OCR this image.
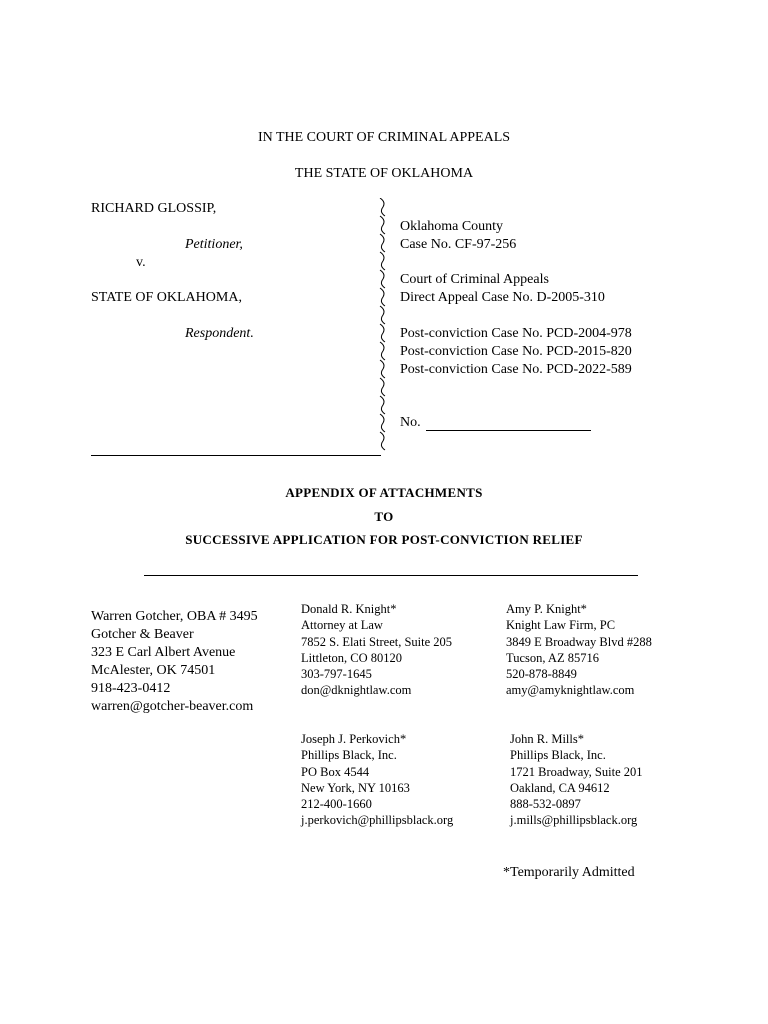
IN THE COURT OF CRIMINAL APPEALS
THE STATE OF OKLAHOMA
RICHARD GLOSSIP,
Petitioner,
v.
STATE OF OKLAHOMA,
Respondent.
Oklahoma County
Case No. CF-97-256
Court of Criminal Appeals
Direct Appeal Case No. D-2005-310
Post-conviction Case No. PCD-2004-978
Post-conviction Case No. PCD-2015-820
Post-conviction Case No. PCD-2022-589
No.
APPENDIX OF ATTACHMENTS
TO
SUCCESSIVE APPLICATION FOR POST-CONVICTION RELIEF
Warren Gotcher, OBA # 3495
Gotcher & Beaver
323 E Carl Albert Avenue
McAlester, OK 74501
918-423-0412
warren@gotcher-beaver.com
Donald R. Knight*
Attorney at Law
7852 S. Elati Street, Suite 205
Littleton, CO 80120
303-797-1645
don@dknightlaw.com
Amy P. Knight*
Knight Law Firm, PC
3849 E Broadway Blvd #288
Tucson, AZ 85716
520-878-8849
amy@amyknightlaw.com
Joseph J. Perkovich*
Phillips Black, Inc.
PO Box 4544
New York, NY 10163
212-400-1660
j.perkovich@phillipsblack.org
John R. Mills*
Phillips Black, Inc.
1721 Broadway, Suite 201
Oakland, CA 94612
888-532-0897
j.mills@phillipsblack.org
*Temporarily Admitted
